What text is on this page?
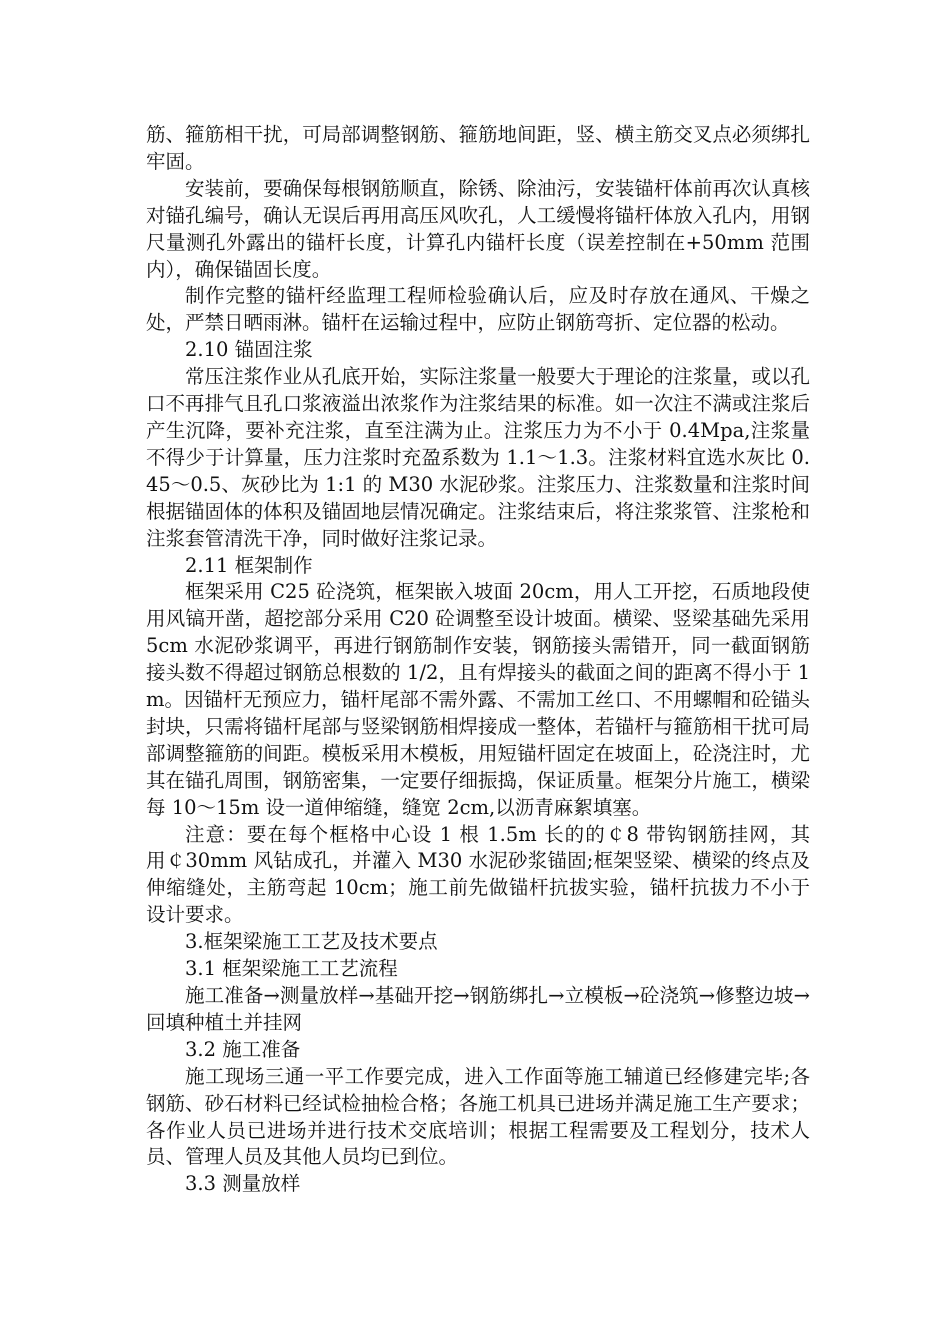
筋、箍筋相干扰，可局部调整钢筋、箍筋地间距，竖、横主筋交叉点必须绑扎牢固。

安装前，要确保每根钢筋顺直，除锈、除油污，安装锚杆体前再次认真核对锚孔编号，确认无误后再用高压风吹孔，人工缓慢将锚杆体放入孔内，用钢尺量测孔外露出的锚杆长度，计算孔内锚杆长度（误差控制在+50mm 范围内），确保锚固长度。

制作完整的锚杆经监理工程师检验确认后，应及时存放在通风、干燥之处，严禁日晒雨淋。锚杆在运输过程中，应防止钢筋弯折、定位器的松动。

2.10 锚固注浆

常压注浆作业从孔底开始，实际注浆量一般要大于理论的注浆量，或以孔口不再排气且孔口浆液溢出浓浆作为注浆结果的标准。如一次注不满或注浆后产生沉降，要补充注浆，直至注满为止。注浆压力为不小于 0.4Mpa,注浆量不得少于计算量，压力注浆时充盈系数为 1.1～1.3。注浆材料宜选水灰比 0.45～0.5、灰砂比为 1:1 的 M30 水泥砂浆。注浆压力、注浆数量和注浆时间根据锚固体的体积及锚固地层情况确定。注浆结束后，将注浆浆管、注浆枪和注浆套管清洗干净，同时做好注浆记录。

2.11 框架制作

框架采用 C25 砼浇筑，框架嵌入坡面 20cm，用人工开挖，石质地段使用风镐开凿，超挖部分采用 C20 砼调整至设计坡面。横梁、竖梁基础先采用 5cm 水泥砂浆调平，再进行钢筋制作安装，钢筋接头需错开，同一截面钢筋接头数不得超过钢筋总根数的 1/2，且有焊接头的截面之间的距离不得小于 1m。因锚杆无预应力，锚杆尾部不需外露、不需加工丝口、不用螺帽和砼锚头封块，只需将锚杆尾部与竖梁钢筋相焊接成一整体，若锚杆与箍筋相干扰可局部调整箍筋的间距。模板采用木模板，用短锚杆固定在坡面上，砼浇注时，尤其在锚孔周围，钢筋密集，一定要仔细振捣，保证质量。框架分片施工，横梁每 10～15m 设一道伸缩缝，缝宽 2cm,以沥青麻絮填塞。

注意：要在每个框格中心设 1 根 1.5m 长的的￠8 带钩钢筋挂网，其用￠30mm 风钻成孔，并灌入 M30 水泥砂浆锚固;框架竖梁、横梁的终点及伸缩缝处，主筋弯起 10cm；施工前先做锚杆抗拔实验，锚杆抗拔力不小于设计要求。

3.框架梁施工工艺及技术要点

3.1 框架梁施工工艺流程

施工准备→测量放样→基础开挖→钢筋绑扎→立模板→砼浇筑→修整边坡→回填种植土并挂网

3.2 施工准备

施工现场三通一平工作要完成，进入工作面等施工辅道已经修建完毕;各钢筋、砂石材料已经试检抽检合格；各施工机具已进场并满足施工生产要求；各作业人员已进场并进行技术交底培训；根据工程需要及工程划分，技术人员、管理人员及其他人员均已到位。

3.3 测量放样
